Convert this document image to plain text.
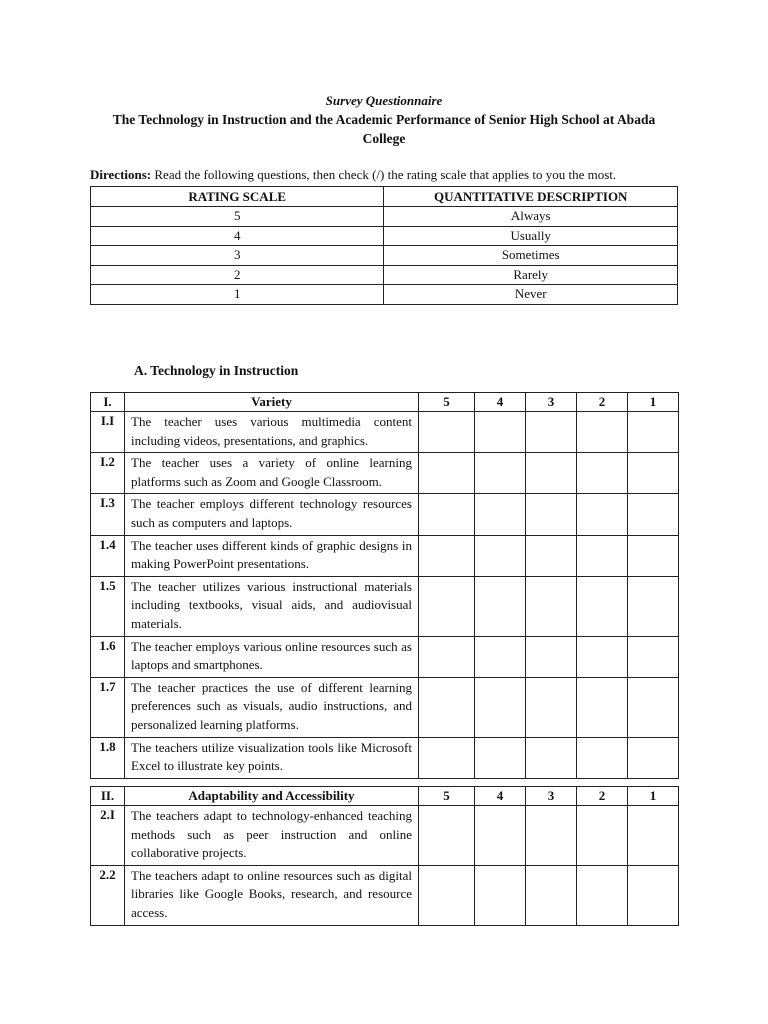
Survey Questionnaire
The Technology in Instruction and the Academic Performance of Senior High School at Abada
College
Directions: Read the following questions, then check (/) the rating scale that applies to you the most.
RATING SCALE	QUANTITATIVE DESCRIPTION
5	Always
4	Usually
3	Sometimes
2	Rarely
1	Never
A. Technology in Instruction
I.	Variety	5	4	3	2	1
I.I	The teacher uses various multimedia content including videos, presentations, and graphics.					
I.2	The teacher uses a variety of online learning platforms such as Zoom and Google Classroom.					
I.3	The teacher employs different technology resources such as computers and laptops.					
1.4	The teacher uses different kinds of graphic designs in making PowerPoint presentations.					
1.5	The teacher utilizes various instructional materials including textbooks, visual aids, and audiovisual materials.					
1.6	The teacher employs various online resources such as laptops and smartphones.					
1.7	The teacher practices the use of different learning preferences such as visuals, audio instructions, and personalized learning platforms.					
1.8	The teachers utilize visualization tools like Microsoft Excel to illustrate key points.					
II.	Adaptability and Accessibility	5	4	3	2	1
2.I	The teachers adapt to technology-enhanced teaching methods such as peer instruction and online collaborative projects.					
2.2	The teachers adapt to online resources such as digital libraries like Google Books, research, and resource access.					
